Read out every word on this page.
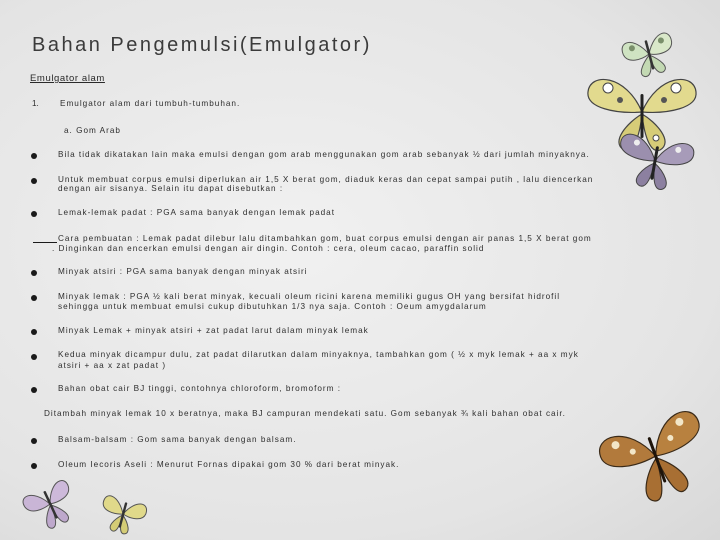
Bahan Pengemulsi(Emulgator)
Emulgator alam
1.	Emulgator alam dari tumbuh-tumbuhan.
a. Gom Arab
Bila tidak dikatakan lain maka emulsi dengan gom arab menggunakan gom arab sebanyak ½ dari jumlah minyaknya.
Untuk membuat corpus emulsi diperlukan air 1,5 X berat gom, diaduk keras dan cepat sampai putih , lalu diencerkan
dengan air sisanya. Selain itu dapat disebutkan :
Lemak-lemak padat : PGA sama banyak dengan lemak padat
Cara pembuatan : Lemak padat dilebur lalu ditambahkan gom, buat corpus emulsi dengan air panas 1,5 X berat gom
. Dinginkan dan encerkan emulsi dengan air dingin. Contoh : cera, oleum cacao, paraffin solid
Minyak atsiri : PGA sama banyak dengan minyak atsiri
Minyak lemak : PGA ½ kali berat minyak, kecuali oleum ricini karena memiliki gugus OH yang bersifat hidrofil
sehingga untuk membuat emulsi cukup dibutuhkan 1/3 nya saja. Contoh : Oeum amygdalarum
Minyak Lemak + minyak atsiri + zat padat larut dalam minyak lemak
Kedua minyak dicampur dulu, zat padat dilarutkan dalam minyaknya, tambahkan gom ( ½ x myk lemak + aa x myk
atsiri + aa x zat padat )
Bahan obat cair BJ tinggi, contohnya chloroform, bromoform :
Ditambah minyak lemak 10 x beratnya, maka BJ campuran mendekati satu. Gom sebanyak ¾ kali bahan obat cair.
Balsam-balsam : Gom sama banyak dengan balsam.
Oleum Iecoris Aseli : Menurut Fornas dipakai gom 30 % dari berat minyak.
